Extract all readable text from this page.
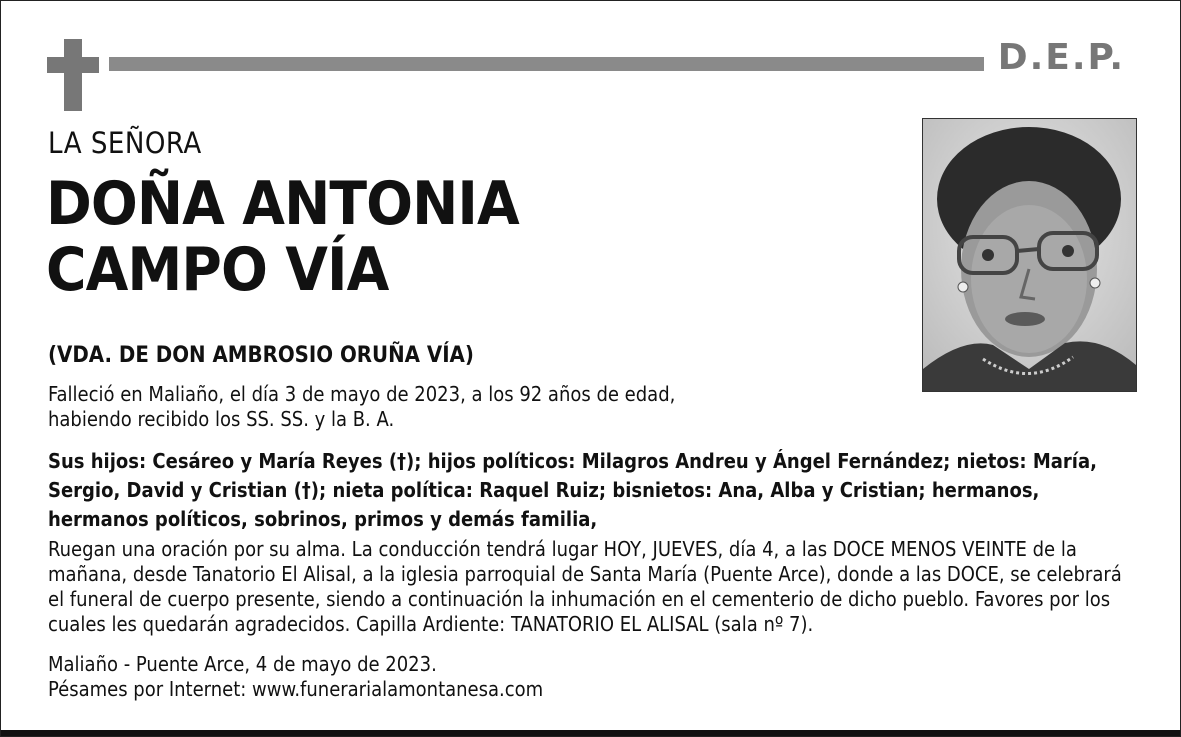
D.E.P.
LA SEÑORA
DOÑA ANTONIA
CAMPO VÍA
(VDA. DE DON AMBROSIO ORUÑA VÍA)

Falleció en Maliaño, el día 3 de mayo de 2023, a los 92 años de edad,

habiendo recibido los SS. SS. y la B. A.

Sus hijos: Cesáreo y María Reyes (†); hijos políticos: Milagros Andreu y Ángel Fernández; nietos: María, Sergio, David y Cristian (†); nieta política: Raquel Ruiz; bisnietos: Ana, Alba y Cristian; hermanos, hermanos políticos, sobrinos, primos y demás familia,
Ruegan una oración por su alma. La conducción tendrá lugar HOY, JUEVES, día 4, a las DOCE MENOS VEINTE de la mañana, desde Tanatorio El Alisal, a la iglesia parroquial de Santa María (Puente Arce), donde a las DOCE, se celebrará el funeral de cuerpo presente, siendo a continuación la inhumación en el cementerio de dicho pueblo. Favores por los cuales les quedarán agradecidos. Capilla Ardiente: TANATORIO EL ALISAL (sala nº 7).

Maliaño - Puente Arce, 4 de mayo de 2023.

Pésames por Internet: www.funerarialamontanesa.com
